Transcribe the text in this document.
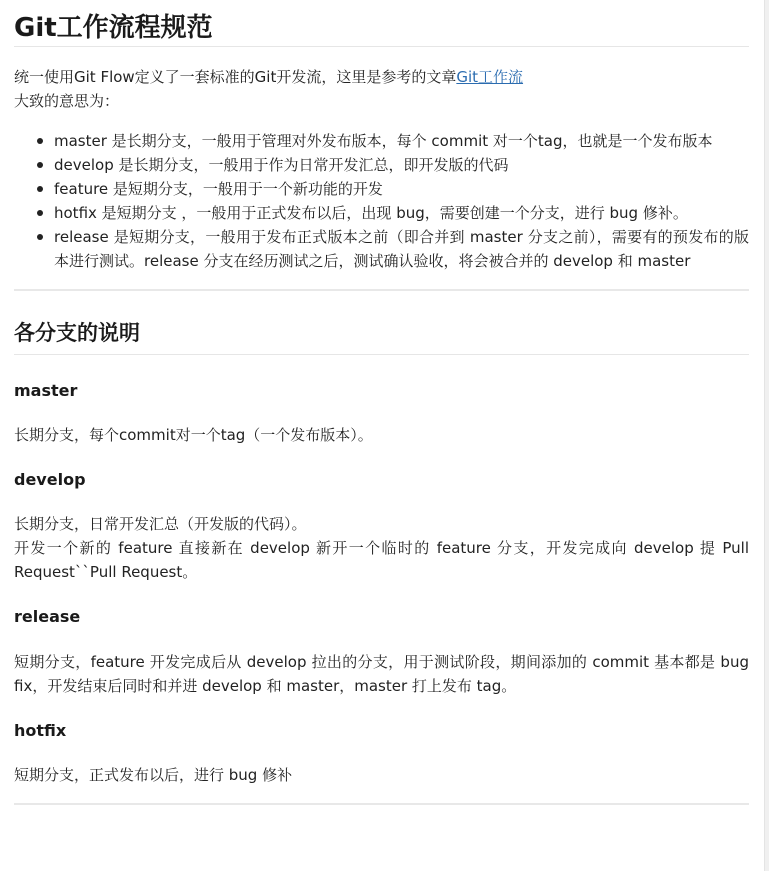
Git工作流程规范

统一使用Git Flow定义了一套标准的Git开发流，这里是参考的文章Git工作流

大致的意思为：

master 是长期分支，一般用于管理对外发布版本，每个 commit 对一个tag，也就是一个发布版本
develop 是长期分支，一般用于作为日常开发汇总，即开发版的代码
feature 是短期分支，一般用于一个新功能的开发
hotfix 是短期分支 ，一般用于正式发布以后，出现 bug，需要创建一个分支，进行 bug 修补。
release 是短期分支，一般用于发布正式版本之前（即合并到 master 分支之前），需要有的预发布的版本进行测试。release 分支在经历测试之后，测试确认验收，将会被合并的 develop 和 master
各分支的说明
master

长期分支，每个commit对一个tag（一个发布版本）。

develop

长期分支，日常开发汇总（开发版的代码）。

开发一个新的 feature 直接新在 develop 新开一个临时的 feature 分支，开发完成向 develop 提 Pull Request``Pull Request。

release

短期分支，feature 开发完成后从 develop 拉出的分支，用于测试阶段，期间添加的 commit 基本都是 bug fix，开发结束后同时和并进 develop 和 master，master 打上发布 tag。

hotfix

短期分支，正式发布以后，进行 bug 修补
